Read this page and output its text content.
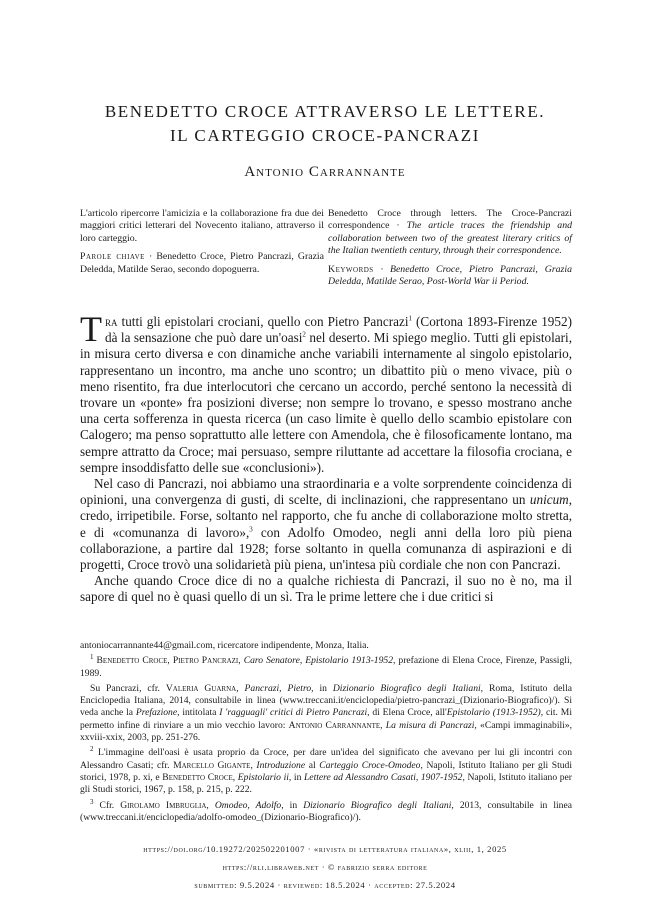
BENEDETTO CROCE ATTRAVERSO LE LETTERE.
IL CARTEGGIO CROCE-PANCRAZI
Antonio Carrannante

L'articolo ripercorre l'amicizia e la collaborazione fra due dei maggiori critici letterari del Novecento italiano, attraverso il loro carteggio.

Parole chiave · Benedetto Croce, Pietro Pancrazi, Grazia Deledda, Matilde Serao, secondo dopoguerra.

Benedetto Croce through letters. The Croce-Pancrazi correspondence · The article traces the friendship and collaboration between two of the greatest literary critics of the Italian twentieth century, through their correspondence.

Keywords · Benedetto Croce, Pietro Pancrazi, Grazia Deledda, Matilde Serao, Post-World War ii Period.

Tra tutti gli epistolari crociani, quello con Pietro Pancrazi$^1$ (Cortona 1893-Firenze 1952) dà la sensazione che può dare un'oasi$^2$ nel deserto. Mi spiego meglio. Tutti gli epistolari, in misura certo diversa e con dinamiche anche variabili internamente al singolo epistolario, rappresentano un incontro, ma anche uno scontro; un dibattito più o meno vivace, più o meno risentito, fra due interlocutori che cercano un accordo, perché sentono la necessità di trovare un «ponte» fra posizioni diverse; non sempre lo trovano, e spesso mostrano anche una certa sofferenza in questa ricerca (un caso limite è quello dello scambio epistolare con Calogero; ma penso soprattutto alle lettere con Amendola, che è filosoficamente lontano, ma sempre attratto da Croce; mai persuaso, sempre riluttante ad accettare la filosofia crociana, e sempre insoddisfatto delle sue «conclusioni»).

Nel caso di Pancrazi, noi abbiamo una straordinaria e a volte sorprendente coincidenza di opinioni, una convergenza di gusti, di scelte, di inclinazioni, che rappresentano un unicum, credo, irripetibile. Forse, soltanto nel rapporto, che fu anche di collaborazione molto stretta, e di «comunanza di lavoro»,$^3$ con Adolfo Omodeo, negli anni della loro più piena collaborazione, a partire dal 1928; forse soltanto in quella comunanza di aspirazioni e di progetti, Croce trovò una solidarietà più piena, un'intesa più cordiale che non con Pancrazi.

Anche quando Croce dice di no a qualche richiesta di Pancrazi, il suo no è no, ma il sapore di quel no è quasi quello di un sì. Tra le prime lettere che i due critici si

antoniocarrannante44@gmail.com, ricercatore indipendente, Monza, Italia.

$^1$ Benedetto Croce, Pietro Pancrazi, Caro Senatore, Epistolario 1913-1952, prefazione di Elena Croce, Firenze, Passigli, 1989.

Su Pancrazi, cfr. Valeria Guarna, Pancrazi, Pietro, in Dizionario Biografico degli Italiani, Roma, Istituto della Enciclopedia Italiana, 2014, consultabile in linea (www.treccani.it/enciclopedia/pietro-pancrazi_(Dizionario-Biografico)/). Si veda anche la Prefazione, intitolata I 'ragguagli' critici di Pietro Pancrazi, di Elena Croce, all'Epistolario (1913-1952), cit. Mi permetto infine di rinviare a un mio vecchio lavoro: Antonio Carrannante, La misura di Pancrazi, «Campi immaginabili», xxviii-xxix, 2003, pp. 251-276.

$^2$ L'immagine dell'oasi è usata proprio da Croce, per dare un'idea del significato che avevano per lui gli incontri con Alessandro Casati; cfr. Marcello Gigante, Introduzione al Carteggio Croce-Omodeo, Napoli, Istituto Italiano per gli Studi storici, 1978, p. xi, e Benedetto Croce, Epistolario ii, in Lettere ad Alessandro Casati, 1907-1952, Napoli, Istituto italiano per gli Studi storici, 1967, p. 158, p. 215, p. 222.

$^3$ Cfr. Girolamo Imbruglia, Omodeo, Adolfo, in Dizionario Biografico degli Italiani, 2013, consultabile in linea (www.treccani.it/enciclopedia/adolfo-omodeo_(Dizionario-Biografico)/).

https://doi.org/10.19272/202502201007 · «rivista di letteratura italiana», xliii, 1, 2025
https://rli.libraweb.net · © fabrizio serra editore
submitted: 9.5.2024 · reviewed: 18.5.2024 · accepted: 27.5.2024
